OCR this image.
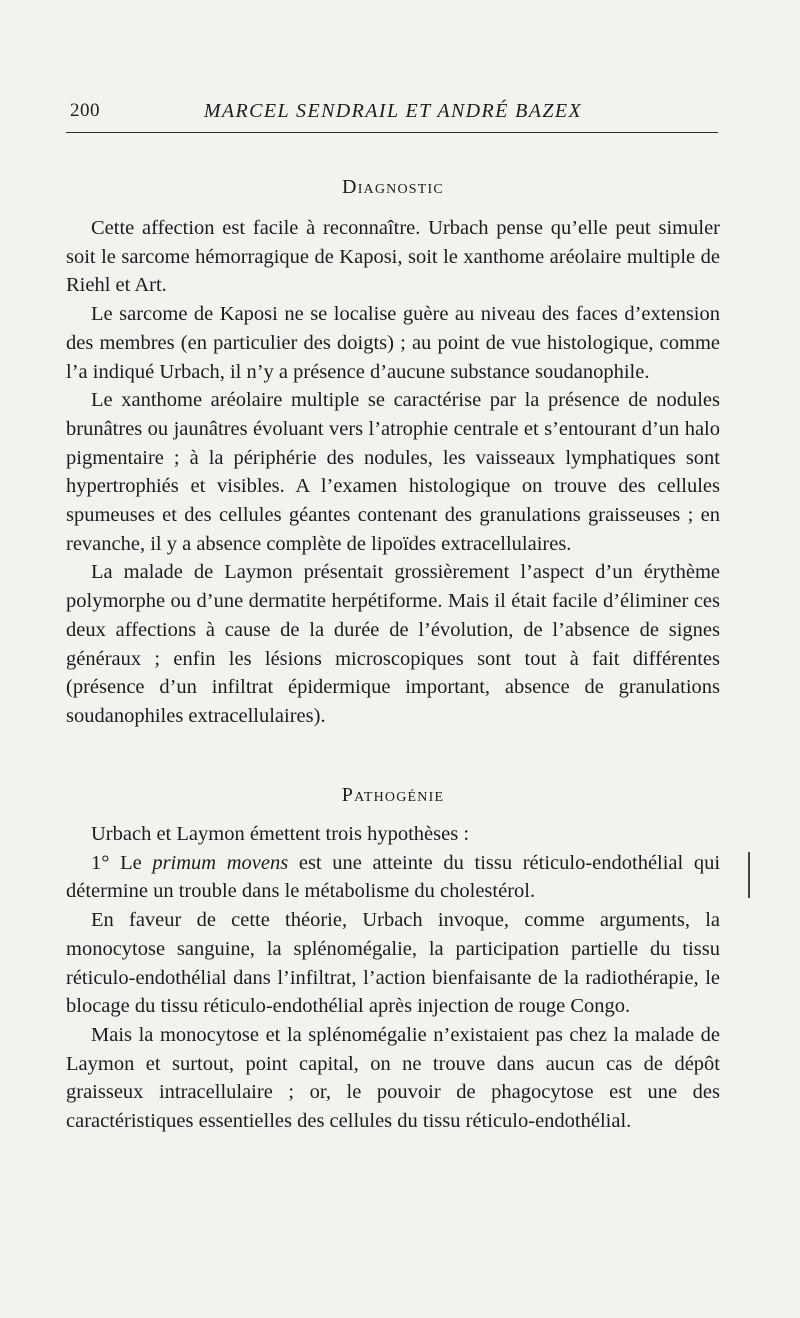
200	MARCEL SENDRAIL ET ANDRÉ BAZEX
Diagnostic

Cette affection est facile à reconnaître. Urbach pense qu’elle peut simuler soit le sarcome hémorragique de Kaposi, soit le xanthome aréolaire multiple de Riehl et Art.

Le sarcome de Kaposi ne se localise guère au niveau des faces d’extension des membres (en particulier des doigts) ; au point de vue histologique, comme l’a indiqué Urbach, il n’y a présence d’aucune substance soudanophile.

Le xanthome aréolaire multiple se caractérise par la présence de nodules brunâtres ou jaunâtres évoluant vers l’atrophie centrale et s’entourant d’un halo pigmentaire ; à la périphérie des nodules, les vaisseaux lymphatiques sont hypertrophiés et visibles. A l’examen histologique on trouve des cellules spumeuses et des cellules géantes contenant des granulations graisseuses ; en revanche, il y a absence complète de lipoïdes extracellulaires.

La malade de Laymon présentait grossièrement l’aspect d’un érythème polymorphe ou d’une dermatite herpétiforme. Mais il était facile d’éliminer ces deux affections à cause de la durée de l’évolution, de l’absence de signes généraux ; enfin les lésions microscopiques sont tout à fait différentes (présence d’un infiltrat épidermique important, absence de granulations soudanophiles extracellulaires).

Pathogénie

Urbach et Laymon émettent trois hypothèses :

1° Le primum movens est une atteinte du tissu réticulo-endothélial qui détermine un trouble dans le métabolisme du cholestérol.

En faveur de cette théorie, Urbach invoque, comme arguments, la monocytose sanguine, la splénomégalie, la participation partielle du tissu réticulo-endothélial dans l’infiltrat, l’action bienfaisante de la radiothérapie, le blocage du tissu réticulo-endothélial après injection de rouge Congo.

Mais la monocytose et la splénomégalie n’existaient pas chez la malade de Laymon et surtout, point capital, on ne trouve dans aucun cas de dépôt graisseux intracellulaire ; or, le pouvoir de phagocytose est une des caractéristiques essentielles des cellules du tissu réticulo-endothélial.
